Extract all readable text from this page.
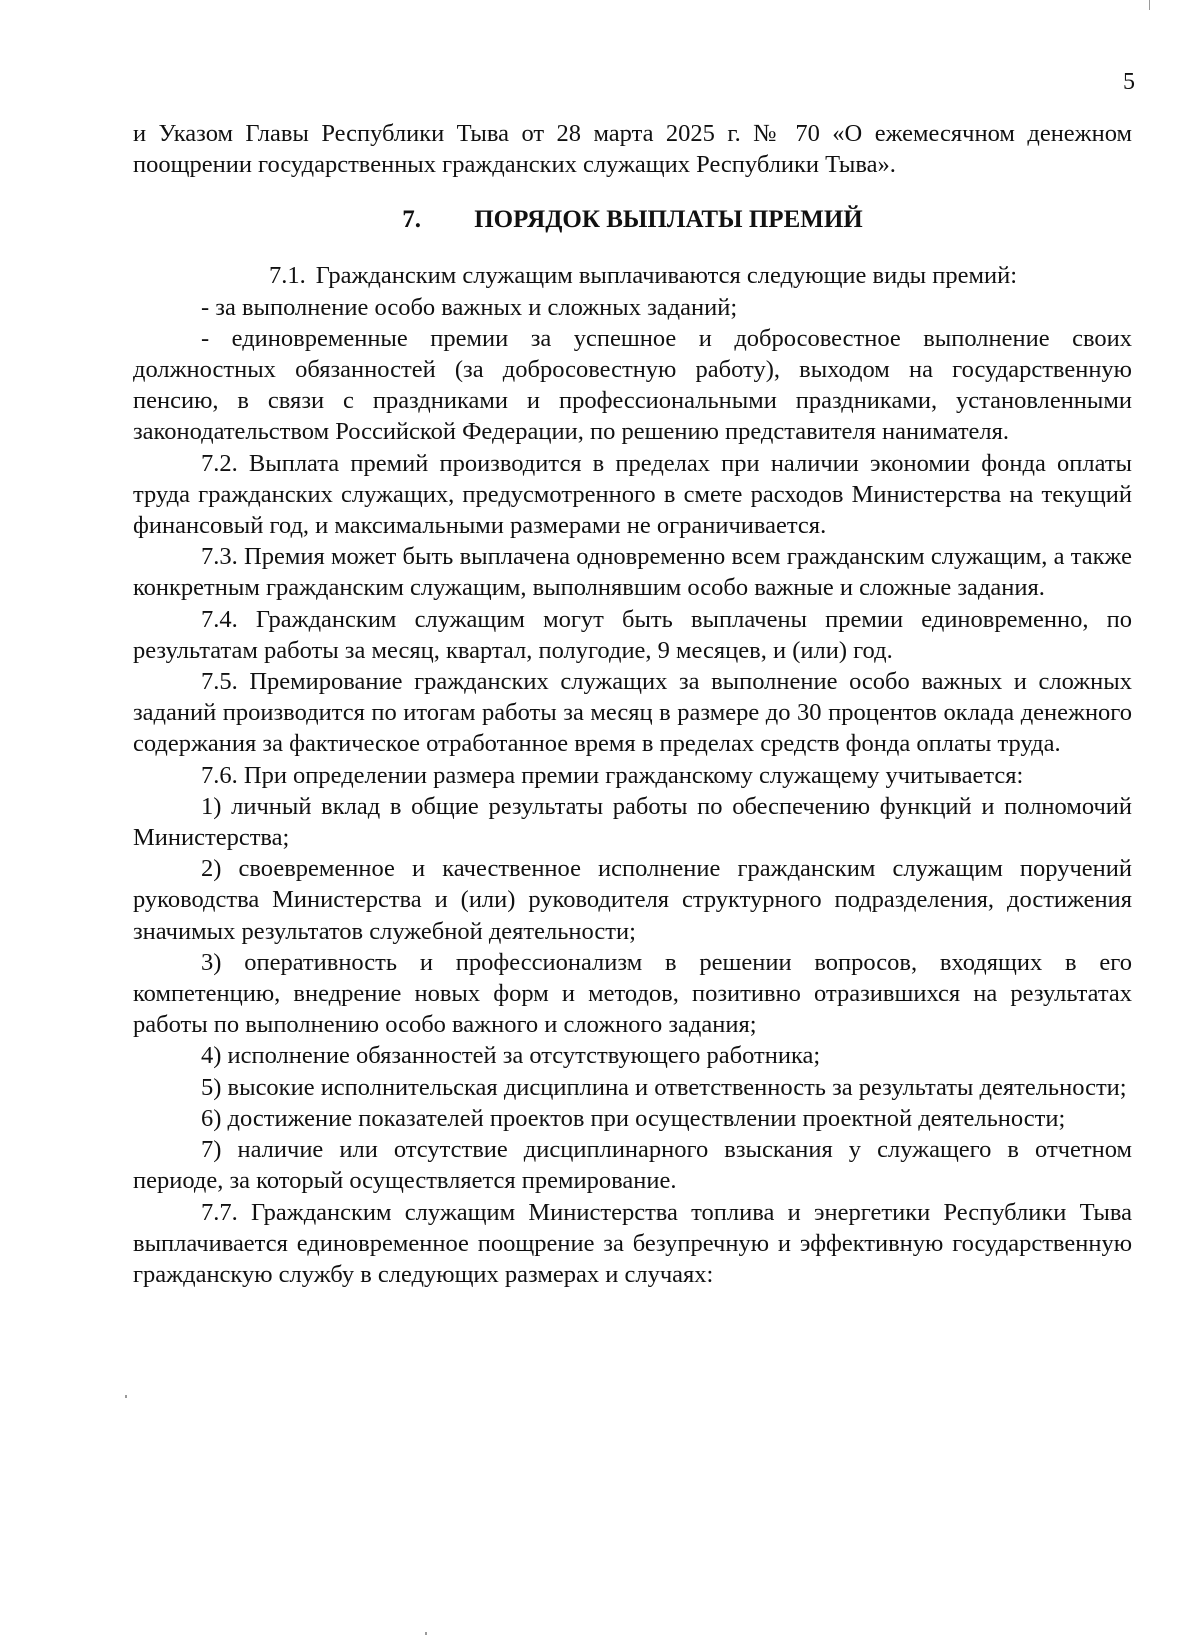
5

и Указом Главы Республики Тыва от 28 марта 2025 г. № 70 «О ежемесячном денежном поощрении государственных гражданских служащих Республики Тыва».

7. ПОРЯДОК ВЫПЛАТЫ ПРЕМИЙ

7.1. Гражданским служащим выплачиваются следующие виды премий:

- за выполнение особо важных и сложных заданий;

- единовременные премии за успешное и добросовестное выполнение своих должностных обязанностей (за добросовестную работу), выходом на государственную пенсию, в связи с праздниками и профессиональными праздниками, установленными законодательством Российской Федерации, по решению представителя нанимателя.

7.2. Выплата премий производится в пределах при наличии экономии фонда оплаты труда гражданских служащих, предусмотренного в смете расходов Министерства на текущий финансовый год, и максимальными размерами не ограничивается.

7.3. Премия может быть выплачена одновременно всем гражданским служащим, а также конкретным гражданским служащим, выполнявшим особо важные и сложные задания.

7.4. Гражданским служащим могут быть выплачены премии единовременно, по результатам работы за месяц, квартал, полугодие, 9 месяцев, и (или) год.

7.5. Премирование гражданских служащих за выполнение особо важных и сложных заданий производится по итогам работы за месяц в размере до 30 процентов оклада денежного содержания за фактическое отработанное время в пределах средств фонда оплаты труда.

7.6. При определении размера премии гражданскому служащему учитывается:

1) личный вклад в общие результаты работы по обеспечению функций и полномочий Министерства;

2) своевременное и качественное исполнение гражданским служащим поручений руководства Министерства и (или) руководителя структурного подразделения, достижения значимых результатов служебной деятельности;

3) оперативность и профессионализм в решении вопросов, входящих в его компетенцию, внедрение новых форм и методов, позитивно отразившихся на результатах работы по выполнению особо важного и сложного задания;

4) исполнение обязанностей за отсутствующего работника;

5) высокие исполнительская дисциплина и ответственность за результаты деятельности;

6) достижение показателей проектов при осуществлении проектной деятельности;

7) наличие или отсутствие дисциплинарного взыскания у служащего в отчетном периоде, за который осуществляется премирование.

7.7. Гражданским служащим Министерства топлива и энергетики Республики Тыва выплачивается единовременное поощрение за безупречную и эффективную государственную гражданскую службу в следующих размерах и случаях:
